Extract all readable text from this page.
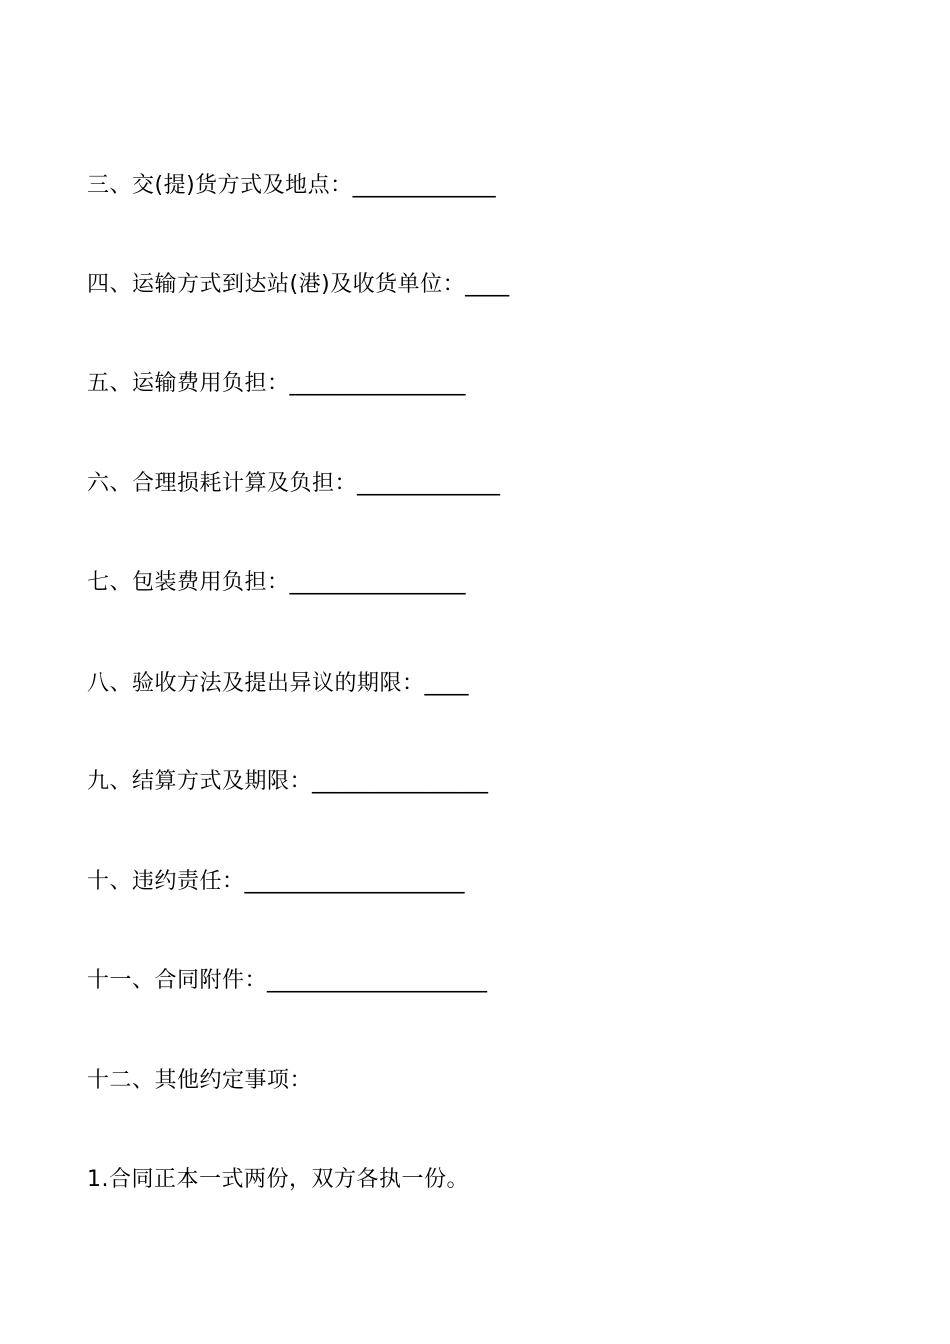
三、交(提)货方式及地点：_____________
四、运输方式到达站(港)及收货单位：____
五、运输费用负担：________________
六、合理损耗计算及负担：_____________
七、包装费用负担：________________
八、验收方法及提出异议的期限：____
九、结算方式及期限：________________
十、违约责任：____________________
十一、合同附件：____________________
十二、其他约定事项：
1.合同正本一式两份，双方各执一份。
